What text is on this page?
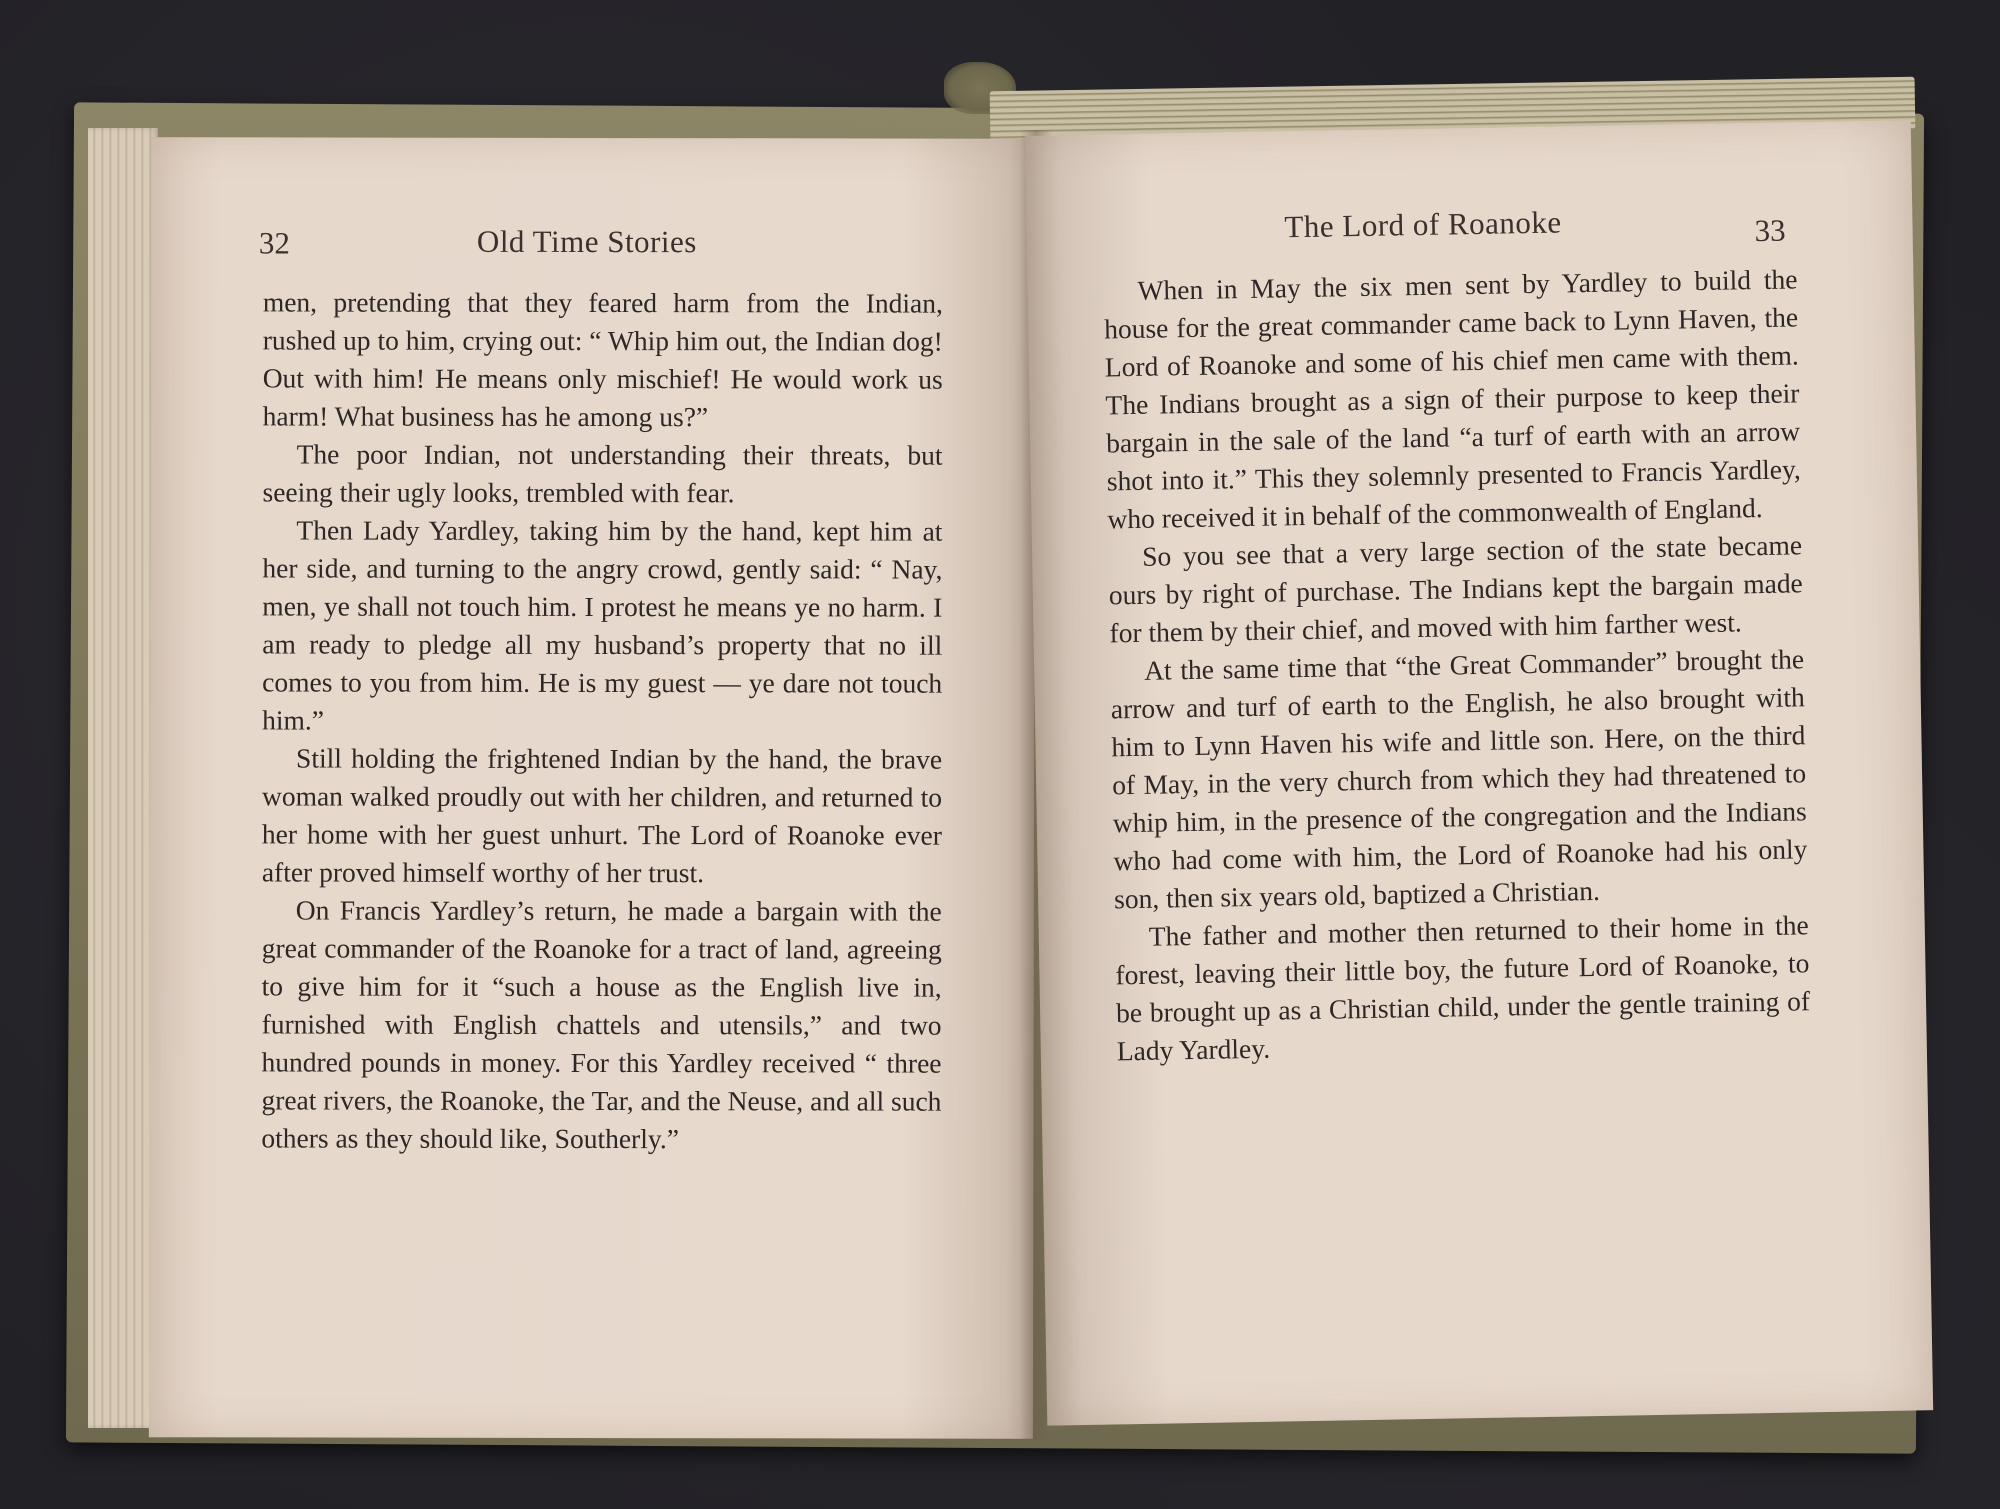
32	Old Time Stories

men, pretending that they feared harm from the Indian, rushed up to him, crying out: “ Whip him out, the Indian dog! Out with him! He means only mischief! He would work us harm! What business has he among us?”

The poor Indian, not understanding their threats, but seeing their ugly looks, trembled with fear.

Then Lady Yardley, taking him by the hand, kept him at her side, and turning to the angry crowd, gently said: “ Nay, men, ye shall not touch him. I protest he means ye no harm. I am ready to pledge all my husband’s property that no ill comes to you from him. He is my guest — ye dare not touch him.”

Still holding the frightened Indian by the hand, the brave woman walked proudly out with her children, and returned to her home with her guest unhurt. The Lord of Roanoke ever after proved himself worthy of her trust.

On Francis Yardley’s return, he made a bargain with the great commander of the Roanoke for a tract of land, agreeing to give him for it “such a house as the English live in, furnished with English chattels and utensils,” and two hundred pounds in money. For this Yardley received “ three great rivers, the Roanoke, the Tar, and the Neuse, and all such others as they should like, Southerly.”

The Lord of Roanoke	33

When in May the six men sent by Yardley to build the house for the great commander came back to Lynn Haven, the Lord of Roanoke and some of his chief men came with them. The Indians brought as a sign of their purpose to keep their bargain in the sale of the land “a turf of earth with an arrow shot into it.” This they solemnly presented to Francis Yardley, who received it in behalf of the commonwealth of England.

So you see that a very large section of the state became ours by right of purchase. The Indians kept the bargain made for them by their chief, and moved with him farther west.

At the same time that “the Great Commander” brought the arrow and turf of earth to the English, he also brought with him to Lynn Haven his wife and little son. Here, on the third of May, in the very church from which they had threatened to whip him, in the presence of the congregation and the Indians who had come with him, the Lord of Roanoke had his only son, then six years old, baptized a Christian.

The father and mother then returned to their home in the forest, leaving their little boy, the future Lord of Roanoke, to be brought up as a Christian child, under the gentle training of Lady Yardley.
